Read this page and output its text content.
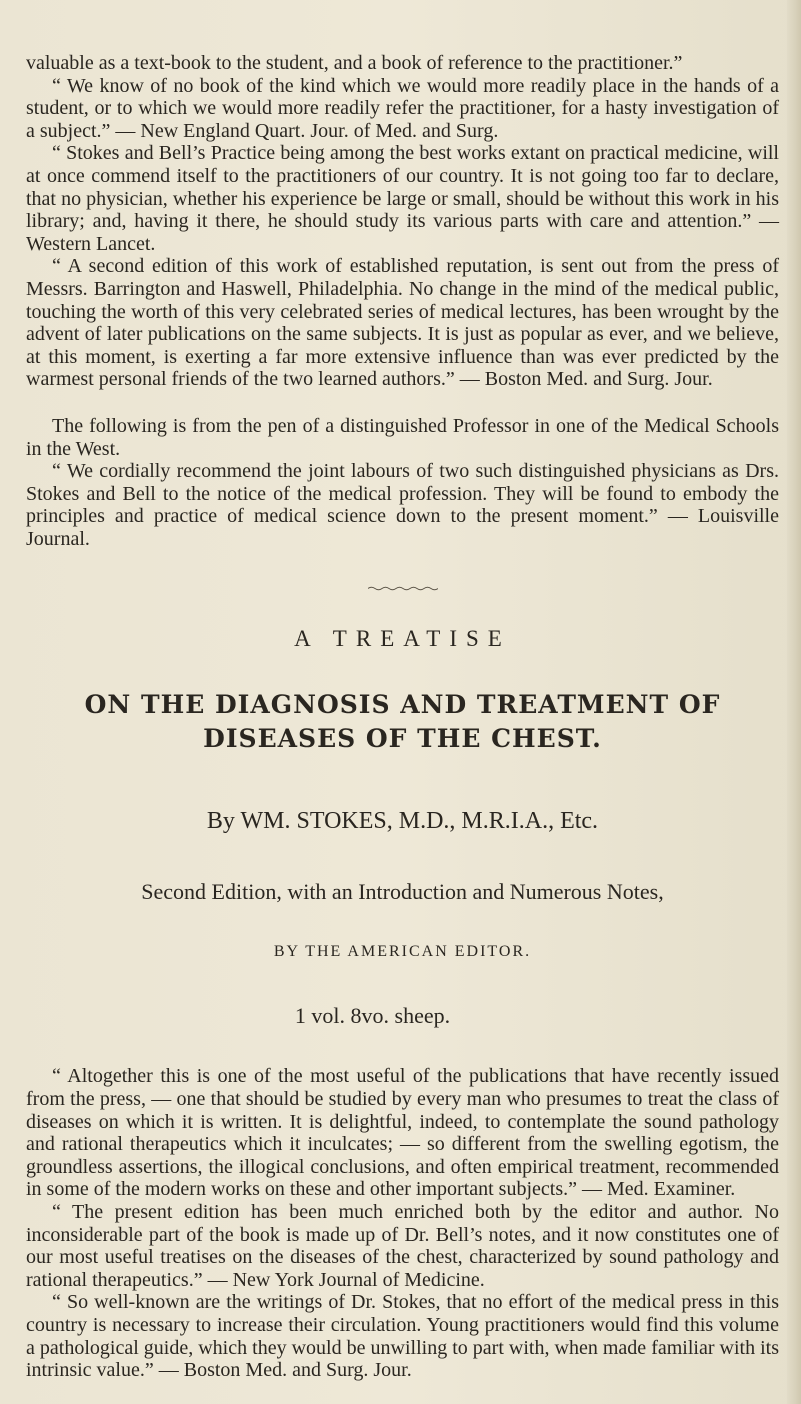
valuable as a text-book to the student, and a book of reference to the practitioner.”

“ We know of no book of the kind which we would more readily place in the hands of a student, or to which we would more readily refer the practitioner, for a hasty investigation of a subject.” — New England Quart. Jour. of Med. and Surg.

“ Stokes and Bell’s Practice being among the best works extant on practical medicine, will at once commend itself to the practitioners of our country. It is not going too far to declare, that no physician, whether his experience be large or small, should be without this work in his library; and, having it there, he should study its various parts with care and attention.” — Western Lancet.

“ A second edition of this work of established reputation, is sent out from the press of Messrs. Barrington and Haswell, Philadelphia. No change in the mind of the medical public, touching the worth of this very celebrated series of medical lectures, has been wrought by the advent of later publications on the same subjects. It is just as popular as ever, and we believe, at this moment, is exerting a far more extensive influence than was ever predicted by the warmest personal friends of the two learned authors.” — Boston Med. and Surg. Jour.

The following is from the pen of a distinguished Professor in one of the Medical Schools in the West.

“ We cordially recommend the joint labours of two such distinguished physicians as Drs. Stokes and Bell to the notice of the medical profession. They will be found to embody the principles and practice of medical science down to the present moment.” — Louisville Journal.

A TREATISE
ON THE DIAGNOSIS AND TREATMENT OF
DISEASES OF THE CHEST.

By WM. STOKES, M.D., M.R.I.A., Etc.

Second Edition, with an Introduction and Numerous Notes,

BY THE AMERICAN EDITOR.

1 vol. 8vo. sheep.

“ Altogether this is one of the most useful of the publications that have recently issued from the press, — one that should be studied by every man who presumes to treat the class of diseases on which it is written. It is delightful, indeed, to contemplate the sound pathology and rational therapeutics which it inculcates; — so different from the swelling egotism, the groundless assertions, the illogical conclusions, and often empirical treatment, recommended in some of the modern works on these and other important subjects.” — Med. Examiner.

“ The present edition has been much enriched both by the editor and author. No inconsiderable part of the book is made up of Dr. Bell’s notes, and it now constitutes one of our most useful treatises on the diseases of the chest, characterized by sound pathology and rational therapeutics.” — New York Journal of Medicine.

“ So well-known are the writings of Dr. Stokes, that no effort of the medical press in this country is necessary to increase their circulation. Young practitioners would find this volume a pathological guide, which they would be unwilling to part with, when made familiar with its intrinsic value.” — Boston Med. and Surg. Jour.
